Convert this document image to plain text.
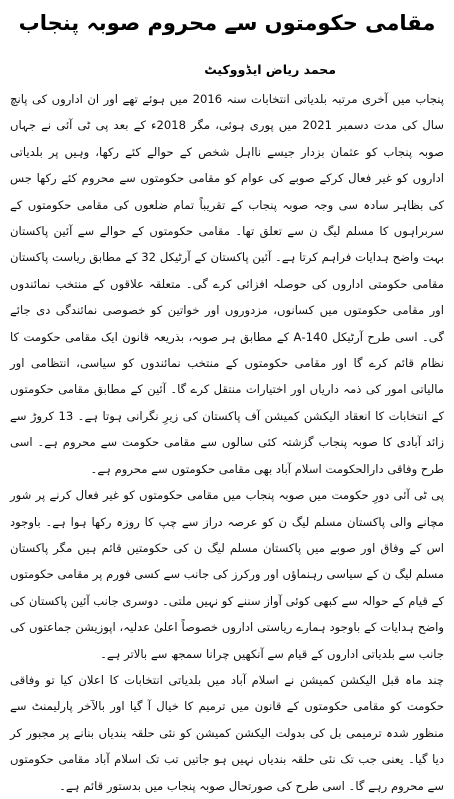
مقامی حکومتوں سے محروم صوبہ پنجاب
محمد ریاض ایڈووکیٹ

پنجاب میں آخری مرتبہ بلدیاتی انتخابات سنہ 2016 میں ہوئے تھے اور ان اداروں کی پانچ سال کی مدت دسمبر 2021 میں پوری ہوئی، مگر 2018ء کے بعد پی ٹی آئی نے جہاں صوبہ پنجاب کو عثمان بزدار جیسے نااہل شخص کے حوالے کئے رکھا، وہیں پر بلدیاتی اداروں کو غیر فعال کرکے صوبے کی عوام کو مقامی حکومتوں سے محروم کئے رکھا جس کی بظاہر سادہ سی وجہ صوبہ پنجاب کے تقریباً تمام ضلعوں کی مقامی حکومتوں کے سربراہوں کا مسلم لیگ ن سے تعلق تھا۔ مقامی حکومتوں کے حوالے سے آئین پاکستان بہت واضح ہدایات فراہم کرتا ہے۔ آئین پاکستان کے آرٹیکل 32 کے مطابق ریاست پاکستان مقامی حکومتی اداروں کی حوصلہ افزائی کرے گی۔ متعلقہ علاقوں کے منتخب نمائندوں اور مقامی حکومتوں میں کسانوں، مزدوروں اور خواتین کو خصوصی نمائندگی دی جائے گی۔ اسی طرح آرٹیکل 140-A کے مطابق ہر صوبہ، بذریعہ قانون ایک مقامی حکومت کا نظام قائم کرے گا اور مقامی حکومتوں کے منتخب نمائندوں کو سیاسی، انتظامی اور مالیاتی امور کی ذمہ داریاں اور اختیارات منتقل کرے گا۔ آئین کے مطابق مقامی حکومتوں کے انتخابات کا انعقاد الیکشن کمیشن آف پاکستان کی زیرِ نگرانی ہوتا ہے۔ 13 کروڑ سے زائد آبادی کا صوبہ پنجاب گزشتہ کئی سالوں سے مقامی حکومت سے محروم ہے۔ اسی طرح وفاقی دارالحکومت اسلام آباد بھی مقامی حکومتوں سے محروم ہے۔

پی ٹی آئی دورِ حکومت میں صوبہ پنجاب میں مقامی حکومتوں کو غیر فعال کرنے پر شور مچانے والی پاکستان مسلم لیگ ن کو عرصہ دراز سے چپ کا روزہ رکھا ہوا ہے۔ باوجود اس کے وفاق اور صوبے میں پاکستان مسلم لیگ ن کی حکومتیں قائم ہیں مگر پاکستان مسلم لیگ ن کے سیاسی رہنماؤں اور ورکرز کی جانب سے کسی فورم پر مقامی حکومتوں کے قیام کے حوالہ سے کبھی کوئی آواز سننے کو نہیں ملتی۔ دوسری جانب آئین پاکستان کی واضح ہدایات کے باوجود ہمارے ریاستی اداروں خصوصاً اعلیٰ عدلیہ، اپوزیشن جماعتوں کی جانب سے بلدیاتی اداروں کے قیام سے آنکھیں چرانا سمجھ سے بالاتر ہے۔

چند ماہ قبل الیکشن کمیشن نے اسلام آباد میں بلدیاتی انتخابات کا اعلان کیا تو وفاقی حکومت کو مقامی حکومتوں کے قانون میں ترمیم کا خیال آ گیا اور بالآخر پارلیمنٹ سے منظور شدہ ترمیمی بل کی بدولت الیکشن کمیشن کو نئی حلقہ بندیاں بنانے پر مجبور کر دیا گیا۔ یعنی جب تک نئی حلقہ بندیاں نہیں ہو جاتیں تب تک اسلام آباد مقامی حکومتوں سے محروم رہے گا۔ اسی طرح کی صورتحال صوبہ پنجاب میں بدستور قائم ہے۔
